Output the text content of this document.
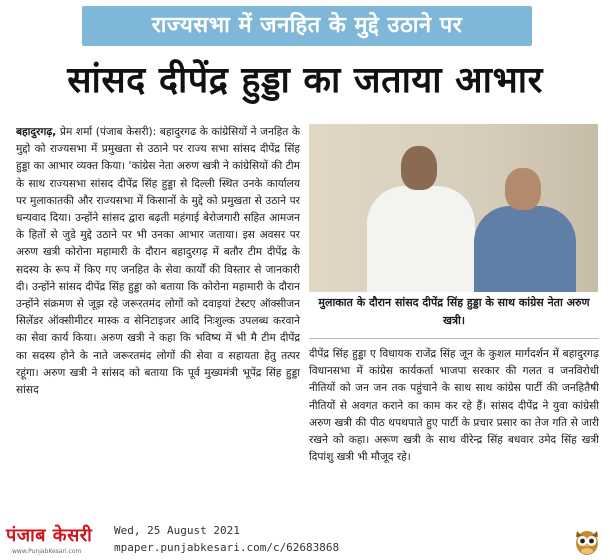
राज्यसभा में जनहित के मुद्दे उठाने पर
सांसद दीपेंद्र हुड्डा का जताया आभार
बहादुरगढ़, प्रेम शर्मा (पंजाब केसरी): बहादुरगढ के कांग्रेसियों ने जनहित के मुद्दो को राज्यसभा में प्रमुखता से उठाने पर राज्य सभा सांसद दीपेंद्र सिंह हुड्डा का आभार व्यक्त किया। 'कांग्रेस नेता अरुण खत्री ने कांग्रेसियों की टीम के साथ राज्यसभा सांसद दीपेंद्र सिंह हुड्डा से दिल्ली स्थित उनके कार्यालय पर मुलाकातकी और राज्यसभा में किसानों के मुद्दे को प्रमुखता से उठाने पर धन्यवाद दिया। उन्होंने सांसद द्वारा बढ़ती महंगाई बेरोजगारी सहित आमजन के हितों से जुडे मुद्दे उठाने पर भी उनका आभार जताया। इस अवसर पर अरुण खत्री कोरोना महामारी के दौरान बहादुरगढ़ में बतौर टीम दीपेंद्र के सदस्य के रूप में किए गए जनहित के सेवा कार्यों की विस्तार से जानकारी दी। उन्होंने सांसद दीपेंद्र सिंह हुड्डा को बताया कि कोरोना महामारी के दौरान उन्होंने संक्रमण से जूझ रहे जरूरतमंद लोगों को दवाइयां टेस्टए ऑक्सीजन सिलेंडर ऑक्सीमीटर मास्क व सेनिटाइजर आदि निःशुल्क उपलब्ध करवाने का सेवा कार्य किया। अरुण खत्री ने कहा कि भविष्य में भी मै टीम दीपेंद्र का सदस्य होने के नाते जरूरतमंद लोगों की सेवा व सहायता हेतु तत्पर रहूंगा। अरुण खत्री ने सांसद को बताया कि पूर्व मुख्यमंत्री भूपेंद्र सिंह हुड्डा सांसद
मुलाकात के दौरान सांसद दीपेंद्र सिंह हुड्डा के साथ कांग्रेस नेता अरुण खत्री।
दीपेंद्र सिंह हुड्डा ए विधायक राजेंद्र सिंह जून के कुशल मार्गदर्शन में बहादुरगढ़ विधानसभा में कांग्रेस कार्यकर्ता भाजपा सरकार की गलत व जनविरोधी नीतियों को जन जन तक पहुंचाने के साथ साथ कांग्रेस पार्टी की जनहितैषी नीतियों से अवगत कराने का काम कर रहे हैं। सांसद दीपेंद्र ने युवा कांग्रेसी अरुण खत्री की पीठ थपथपाते हुए पार्टी के प्रचार प्रसार का तेज गति से जारी रखने को कहा। अरूण खत्री के साथ वीरेन्द्र सिंह बधवार उमेद सिंह खत्री दिपांशु खत्री भी मौजूद रहे।
पंजाब केसरी
www.PunjabKesari.com
Wed, 25 August 2021
mpaper.punjabkesari.com/c/62683868
